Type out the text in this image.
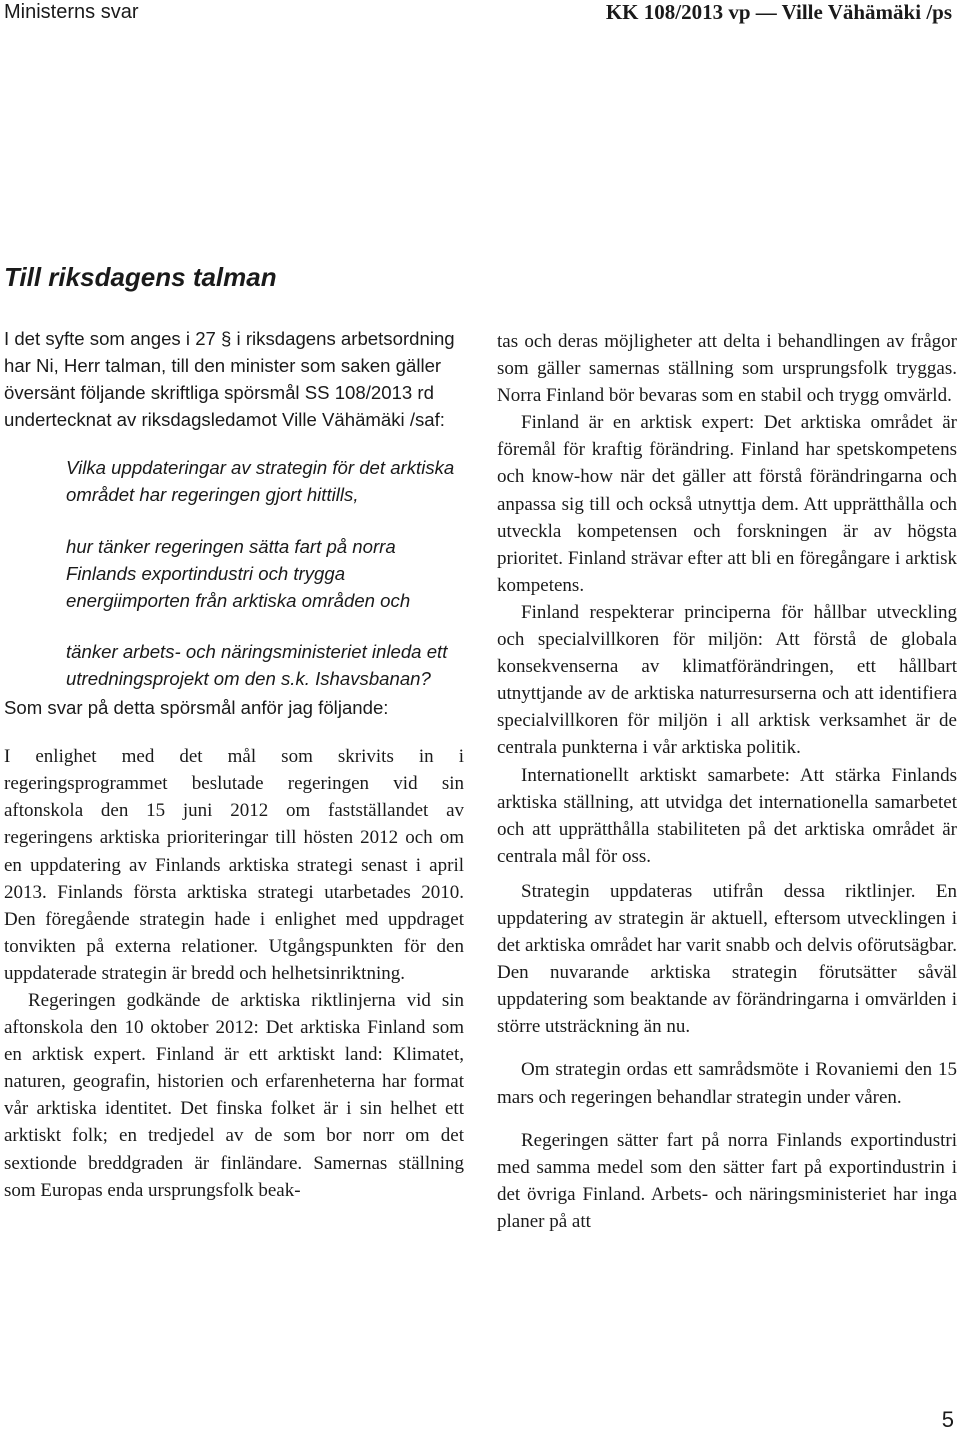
Ministerns svar	KK 108/2013 vp — Ville Vähämäki /ps
Till riksdagens talman

I det syfte som anges i 27 § i riksdagens arbetsordning har Ni, Herr talman, till den minister som saken gäller översänt följande skriftliga spörsmål SS 108/2013 rd undertecknat av riksdagsledamot Ville Vähämäki /saf:

Vilka uppdateringar av strategin för det arktiska området har regeringen gjort hittills,

hur tänker regeringen sätta fart på norra Finlands exportindustri och trygga energiimporten från arktiska områden och

tänker arbets- och näringsministeriet inleda ett utredningsprojekt om den s.k. Ishavsbanan?

Som svar på detta spörsmål anför jag följande:

I enlighet med det mål som skrivits in i regeringsprogrammet beslutade regeringen vid sin aftonskola den 15 juni 2012 om fastställandet av regeringens arktiska prioriteringar till hösten 2012 och om en uppdatering av Finlands arktiska strategi senast i april 2013. Finlands första arktiska strategi utarbetades 2010. Den föregående strategin hade i enlighet med uppdraget tonvikten på externa relationer. Utgångspunkten för den uppdaterade strategin är bredd och helhetsinriktning.

Regeringen godkände de arktiska riktlinjerna vid sin aftonskola den 10 oktober 2012: Det arktiska Finland som en arktisk expert. Finland är ett arktiskt land: Klimatet, naturen, geografin, historien och erfarenheterna har format vår arktiska identitet. Det finska folket är i sin helhet ett arktiskt folk; en tredjedel av de som bor norr om det sextionde breddgraden är finländare. Samernas ställning som Europas enda ursprungsfolk beak-

tas och deras möjligheter att delta i behandlingen av frågor som gäller samernas ställning som ursprungsfolk tryggas. Norra Finland bör bevaras som en stabil och trygg omvärld.

Finland är en arktisk expert: Det arktiska området är föremål för kraftig förändring. Finland har spetskompetens och know-how när det gäller att förstå förändringarna och anpassa sig till och också utnyttja dem. Att upprätthålla och utveckla kompetensen och forskningen är av högsta prioritet. Finland strävar efter att bli en föregångare i arktisk kompetens.

Finland respekterar principerna för hållbar utveckling och specialvillkoren för miljön: Att förstå de globala konsekvenserna av klimatförändringen, ett hållbart utnyttjande av de arktiska naturresurserna och att identifiera specialvillkoren för miljön i all arktisk verksamhet är de centrala punkterna i vår arktiska politik.

Internationellt arktiskt samarbete: Att stärka Finlands arktiska ställning, att utvidga det internationella samarbetet och att upprätthålla stabiliteten på det arktiska området är centrala mål för oss.

Strategin uppdateras utifrån dessa riktlinjer. En uppdatering av strategin är aktuell, eftersom utvecklingen i det arktiska området har varit snabb och delvis oförutsägbar. Den nuvarande arktiska strategin förutsätter såväl uppdatering som beaktande av förändringarna i omvärlden i större utsträckning än nu.

Om strategin ordas ett samrådsmöte i Rovaniemi den 15 mars och regeringen behandlar strategin under våren.

Regeringen sätter fart på norra Finlands exportindustri med samma medel som den sätter fart på exportindustrin i det övriga Finland. Arbets- och näringsministeriet har inga planer på att

5
